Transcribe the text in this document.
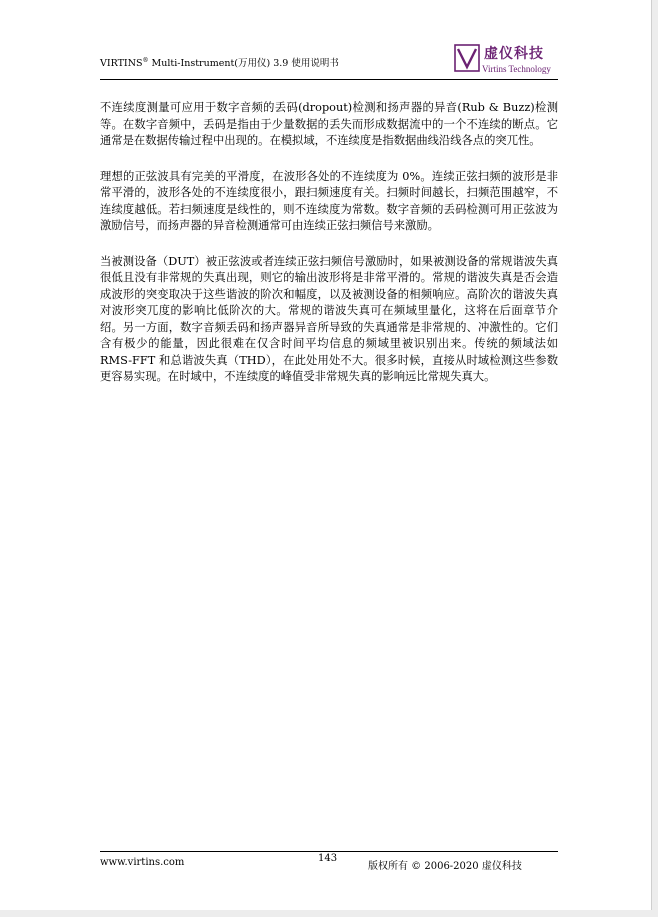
VIRTINS® Multi-Instrument(万用仪) 3.9 使用说明书
虚仪科技
Virtins Technology

不连续度测量可应用于数字音频的丢码(dropout)检测和扬声器的异音(Rub & Buzz)检测等。在数字音频中，丢码是指由于少量数据的丢失而形成数据流中的一个不连续的断点。它通常是在数据传输过程中出现的。在模拟域，不连续度是指数据曲线沿线各点的突兀性。

理想的正弦波具有完美的平滑度，在波形各处的不连续度为 0%。连续正弦扫频的波形是非常平滑的，波形各处的不连续度很小，跟扫频速度有关。扫频时间越长，扫频范围越窄，不连续度越低。若扫频速度是线性的，则不连续度为常数。数字音频的丢码检测可用正弦波为激励信号，而扬声器的异音检测通常可由连续正弦扫频信号来激励。

当被测设备（DUT）被正弦波或者连续正弦扫频信号激励时，如果被测设备的常规谐波失真很低且没有非常规的失真出现，则它的输出波形将是非常平滑的。常规的谐波失真是否会造成波形的突变取决于这些谐波的阶次和幅度，以及被测设备的相频响应。高阶次的谐波失真对波形突兀度的影响比低阶次的大。常规的谐波失真可在频域里量化，这将在后面章节介绍。另一方面，数字音频丢码和扬声器异音所导致的失真通常是非常规的、冲激性的。它们含有极少的能量，因此很难在仅含时间平均信息的频域里被识别出来。传统的频域法如 RMS-FFT 和总谐波失真（THD），在此处用处不大。很多时候，直接从时域检测这些参数更容易实现。在时域中，不连续度的峰值受非常规失真的影响远比常规失真大。

www.virtins.com	143
版权所有 © 2006-2020 虚仪科技
